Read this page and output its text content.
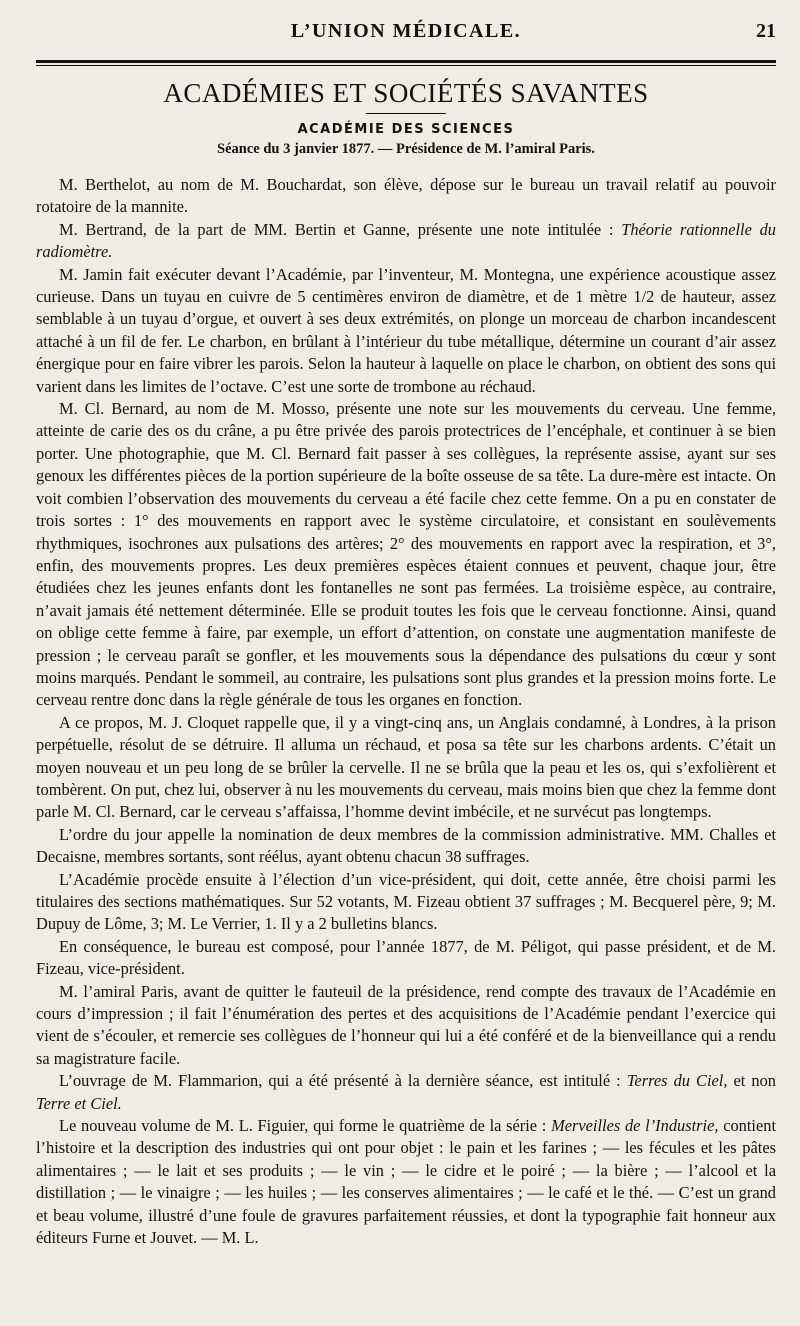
L’UNION MÉDICALE.	21
ACADÉMIES ET SOCIÉTÉS SAVANTES
ACADÉMIE DES SCIENCES
Séance du 3 janvier 1877. — Présidence de M. l’amiral Paris.

M. Berthelot, au nom de M. Bouchardat, son élève, dépose sur le bureau un travail relatif au pouvoir rotatoire de la mannite.

M. Bertrand, de la part de MM. Bertin et Ganne, présente une note intitulée : Théorie rationnelle du radiomètre.

M. Jamin fait exécuter devant l’Académie, par l’inventeur, M. Montegna, une expérience acoustique assez curieuse. Dans un tuyau en cuivre de 5 centimères environ de diamètre, et de 1 mètre 1/2 de hauteur, assez semblable à un tuyau d’orgue, et ouvert à ses deux extrémités, on plonge un morceau de charbon incandescent attaché à un fil de fer. Le charbon, en brûlant à l’intérieur du tube métallique, détermine un courant d’air assez énergique pour en faire vibrer les parois. Selon la hauteur à laquelle on place le charbon, on obtient des sons qui varient dans les limites de l’octave. C’est une sorte de trombone au réchaud.

M. Cl. Bernard, au nom de M. Mosso, présente une note sur les mouvements du cerveau. Une femme, atteinte de carie des os du crâne, a pu être privée des parois protectrices de l’encéphale, et continuer à se bien porter. Une photographie, que M. Cl. Bernard fait passer à ses collègues, la représente assise, ayant sur ses genoux les différentes pièces de la portion supérieure de la boîte osseuse de sa tête. La dure-mère est intacte. On voit combien l’observation des mouvements du cerveau a été facile chez cette femme. On a pu en constater de trois sortes : 1° des mouvements en rapport avec le système circulatoire, et consistant en soulèvements rhythmiques, isochrones aux pulsations des artères; 2° des mouvements en rapport avec la respiration, et 3°, enfin, des mouvements propres. Les deux premières espèces étaient connues et peuvent, chaque jour, être étudiées chez les jeunes enfants dont les fontanelles ne sont pas fermées. La troisième espèce, au contraire, n’avait jamais été nettement déterminée. Elle se produit toutes les fois que le cerveau fonctionne. Ainsi, quand on oblige cette femme à faire, par exemple, un effort d’attention, on constate une augmentation manifeste de pression ; le cerveau paraît se gonfler, et les mouvements sous la dépendance des pulsations du cœur y sont moins marqués. Pendant le sommeil, au contraire, les pulsations sont plus grandes et la pression moins forte. Le cerveau rentre donc dans la règle générale de tous les organes en fonction.

A ce propos, M. J. Cloquet rappelle que, il y a vingt-cinq ans, un Anglais condamné, à Londres, à la prison perpétuelle, résolut de se détruire. Il alluma un réchaud, et posa sa tête sur les charbons ardents. C’était un moyen nouveau et un peu long de se brûler la cervelle. Il ne se brûla que la peau et les os, qui s’exfolièrent et tombèrent. On put, chez lui, observer à nu les mouvements du cerveau, mais moins bien que chez la femme dont parle M. Cl. Bernard, car le cerveau s’affaissa, l’homme devint imbécile, et ne survécut pas longtemps.

L’ordre du jour appelle la nomination de deux membres de la commission administrative. MM. Challes et Decaisne, membres sortants, sont réélus, ayant obtenu chacun 38 suffrages.

L’Académie procède ensuite à l’élection d’un vice-président, qui doit, cette année, être choisi parmi les titulaires des sections mathématiques. Sur 52 votants, M. Fizeau obtient 37 suffrages ; M. Becquerel père, 9; M. Dupuy de Lôme, 3; M. Le Verrier, 1. Il y a 2 bulletins blancs.

En conséquence, le bureau est composé, pour l’année 1877, de M. Péligot, qui passe président, et de M. Fizeau, vice-président.

M. l’amiral Paris, avant de quitter le fauteuil de la présidence, rend compte des travaux de l’Académie en cours d’impression ; il fait l’énumération des pertes et des acquisitions de l’Académie pendant l’exercice qui vient de s’écouler, et remercie ses collègues de l’honneur qui lui a été conféré et de la bienveillance qui a rendu sa magistrature facile.

L’ouvrage de M. Flammarion, qui a été présenté à la dernière séance, est intitulé : Terres du Ciel, et non Terre et Ciel.

Le nouveau volume de M. L. Figuier, qui forme le quatrième de la série : Merveilles de l’Industrie, contient l’histoire et la description des industries qui ont pour objet : le pain et les farines ; — les fécules et les pâtes alimentaires ; — le lait et ses produits ; — le vin ; — le cidre et le poiré ; — la bière ; — l’alcool et la distillation ; — le vinaigre ; — les huiles ; — les conserves alimentaires ; — le café et le thé. — C’est un grand et beau volume, illustré d’une foule de gravures parfaitement réussies, et dont la typographie fait honneur aux éditeurs Furne et Jouvet. — M. L.
